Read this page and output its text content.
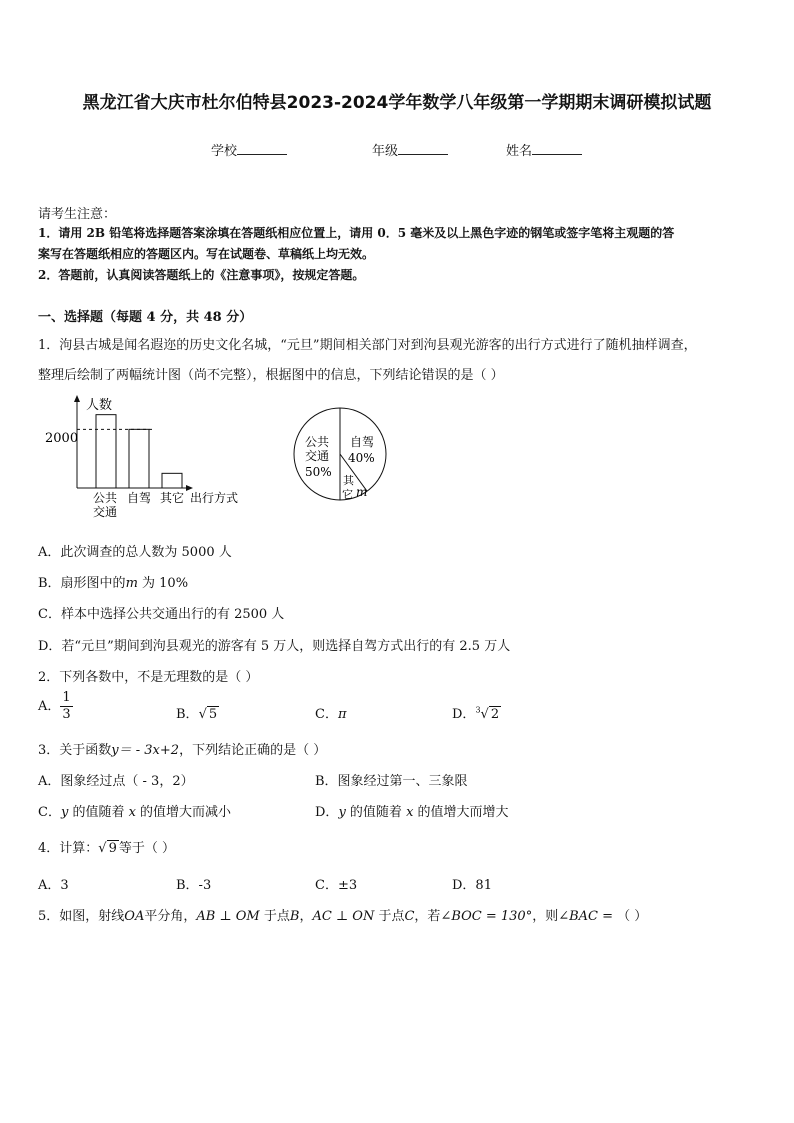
黑龙江省大庆市杜尔伯特县2023-2024学年数学八年级第一学期期末调研模拟试题
学校	年级	姓名
请考生注意：
1．请用 2B 铅笔将选择题答案涂填在答题纸相应位置上，请用 0．5 毫米及以上黑色字迹的钢笔或签字笔将主观题的答
案写在答题纸相应的答题区内。写在试题卷、草稿纸上均无效。
2．答题前，认真阅读答题纸上的《注意事项》，按规定答题。
一、选择题（每题 4 分，共 48 分）
1．泃县古城是闻名遐迩的历史文化名城，“元旦”期间相关部门对到泃县观光游客的出行方式进行了随机抽样调查，
整理后绘制了两幅统计图（尚不完整），根据图中的信息，下列结论错误的是（ ）
人数
2000
公共
交通
自驾 其它 出行方式
公共
交通
50%
自驾
40%
其
它 m
A．此次调查的总人数为 5000 人
B．扇形图中的m 为 10%
C．样本中选择公共交通出行的有 2500 人
D．若“元旦”期间到泃县观光的游客有 5 万人，则选择自驾方式出行的有 2.5 万人
2．下列各数中，不是无理数的是（ ）
A． $\frac{1}{3}$	B．√ 5	C．π	D．$^3$√ 2
3．关于函数y＝ - 3x+2，下列结论正确的是（ ）
A．图象经过点（ - 3，2）	B．图象经过第一、三象限
C．y 的值随着 x 的值增大而减小	D．y 的值随着 x 的值增大而增大
4．计算：√ 9 等于（ ）
A．3	B．-3	C．±3	D．81
5．如图，射线OA平分角，AB ⊥ OM 于点B，AC ⊥ ON 于点C，若∠BOC = 130°，则∠BAC = （ ）
